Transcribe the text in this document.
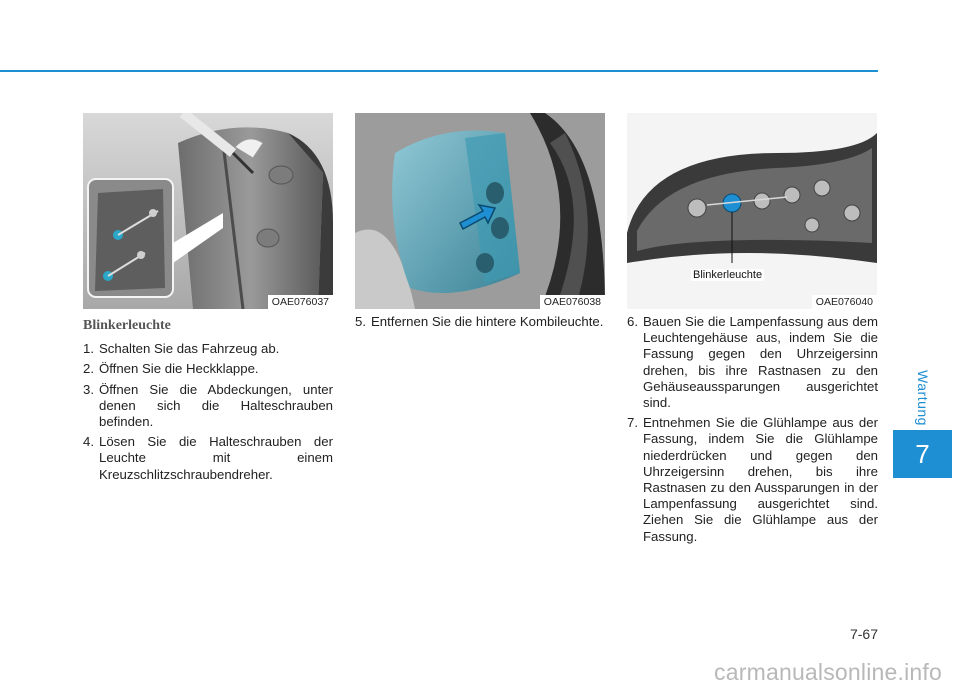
Wartung
7
OAE076037	OAE076038
Blinkerleuchte
OAE076040
Blinkerleuchte
1. Schalten Sie das Fahrzeug ab.
2. Öffnen Sie die Heckklappe.
3. Öffnen Sie die Abdeckungen, unter denen sich die Halteschrauben befinden.
4. Lösen Sie die Halteschrauben der Leuchte mit einem Kreuzschlitzschraubendreher.
5. Entfernen Sie die hintere Kombileuchte. 6. Bauen Sie die Lampenfassung aus dem Leuchtengehäuse aus, indem Sie die Fassung gegen den Uhrzeigersinn drehen, bis ihre Rastnasen zu den Gehäuseaussparungen ausgerichtet sind.
7. Entnehmen Sie die Glühlampe aus der Fassung, indem Sie die Glühlampe niederdrücken und gegen den Uhrzeigersinn drehen, bis ihre Rastnasen zu den Aussparungen in der Lampenfassung ausgerichtet sind. Ziehen Sie die Glühlampe aus der Fassung.
7-67
carmanualsonline.info
